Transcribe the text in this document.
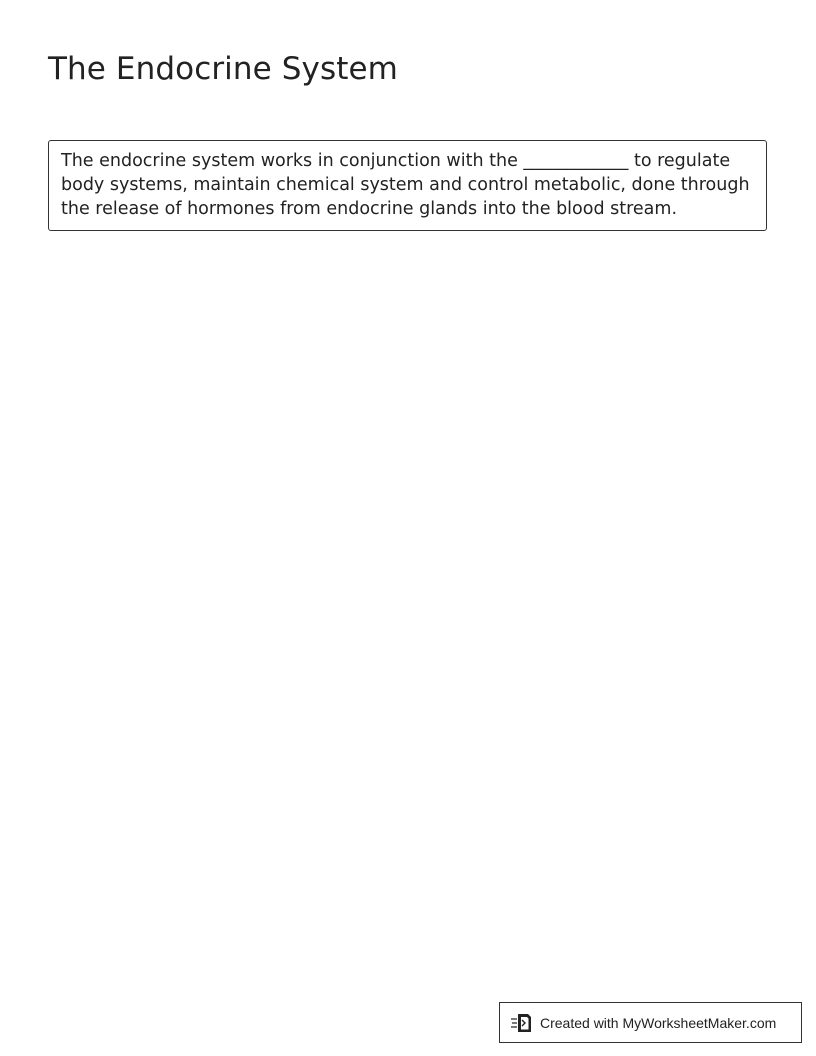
The Endocrine System

The endocrine system works in conjunction with the ____________ to regulate body systems, maintain chemical system and control metabolic, done through the release of hormones from endocrine glands into the blood stream.

Created with MyWorksheetMaker.com
